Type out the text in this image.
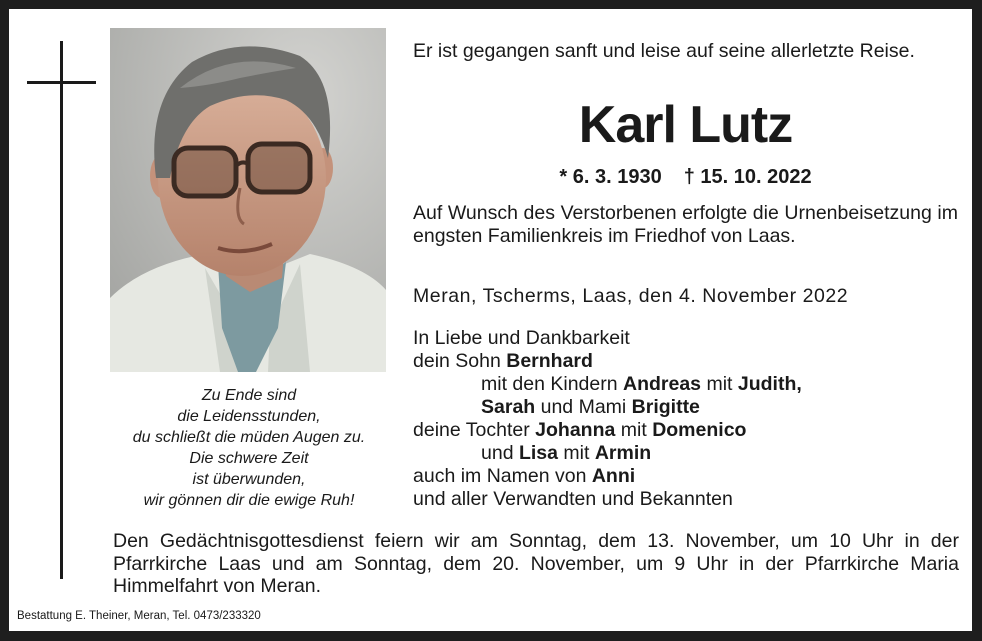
Zu Ende sind
die Leidensstunden,
du schließt die müden Augen zu.
Die schwere Zeit
ist überwunden,
wir gönnen dir die ewige Ruh!
Er ist gegangen sanft und leise auf seine allerletzte Reise.
Karl Lutz
* 6. 3. 1930 † 15. 10. 2022
Auf Wunsch des Verstorbenen erfolgte die Urnenbeisetzung im engsten Familienkreis im Friedhof von Laas.
Meran, Tscherms, Laas, den 4. November 2022
In Liebe und Dankbarkeit
dein Sohn Bernhard
mit den Kindern Andreas mit Judith,
Sarah und Mami Brigitte
deine Tochter Johanna mit Domenico
und Lisa mit Armin
auch im Namen von Anni
und aller Verwandten und Bekannten
Den Gedächtnisgottesdienst feiern wir am Sonntag, dem 13. November, um 10 Uhr in der Pfarrkirche Laas und am Sonntag, dem 20. November, um 9 Uhr in der Pfarrkirche Maria Himmelfahrt von Meran.
Bestattung E. Theiner, Meran, Tel. 0473/233320
